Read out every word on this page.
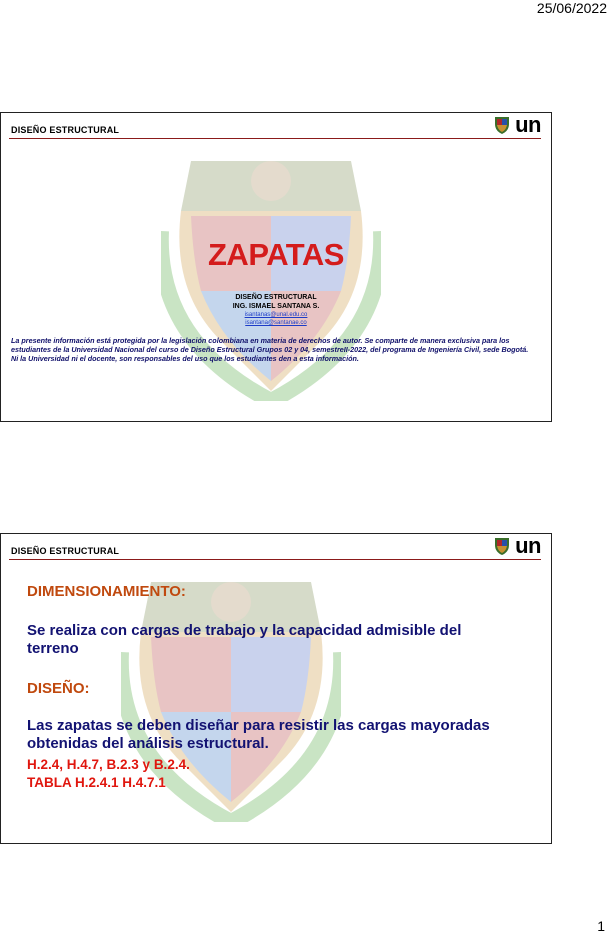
25/06/2022
DISEÑO ESTRUCTURAL	un
ZAPATAS
DISEÑO ESTRUCTURAL
ING. ISMAEL SANTANA S.
isantanas@unal.edu.co
isantana@santanae.co
La presente información está protegida por la legislación colombiana en materia de derechos de autor. Se comparte de manera exclusiva para los estudiantes de la Universidad Nacional del curso de Diseño Estructural Grupos 02 y 04, semestreII-2022, del programa de Ingeniería Civil, sede Bogotá. Ni la Universidad ni el docente, son responsables del uso que los estudiantes den a esta información.
DISEÑO ESTRUCTURAL	un
DIMENSIONAMIENTO:
Se realiza con cargas de trabajo y la capacidad admisible del terreno
DISEÑO:
Las zapatas se deben diseñar para resistir las cargas mayoradas obtenidas del análisis estructural.
H.2.4, H.4.7, B.2.3 y B.2.4.
TABLA H.2.4.1 H.4.7.1
1
